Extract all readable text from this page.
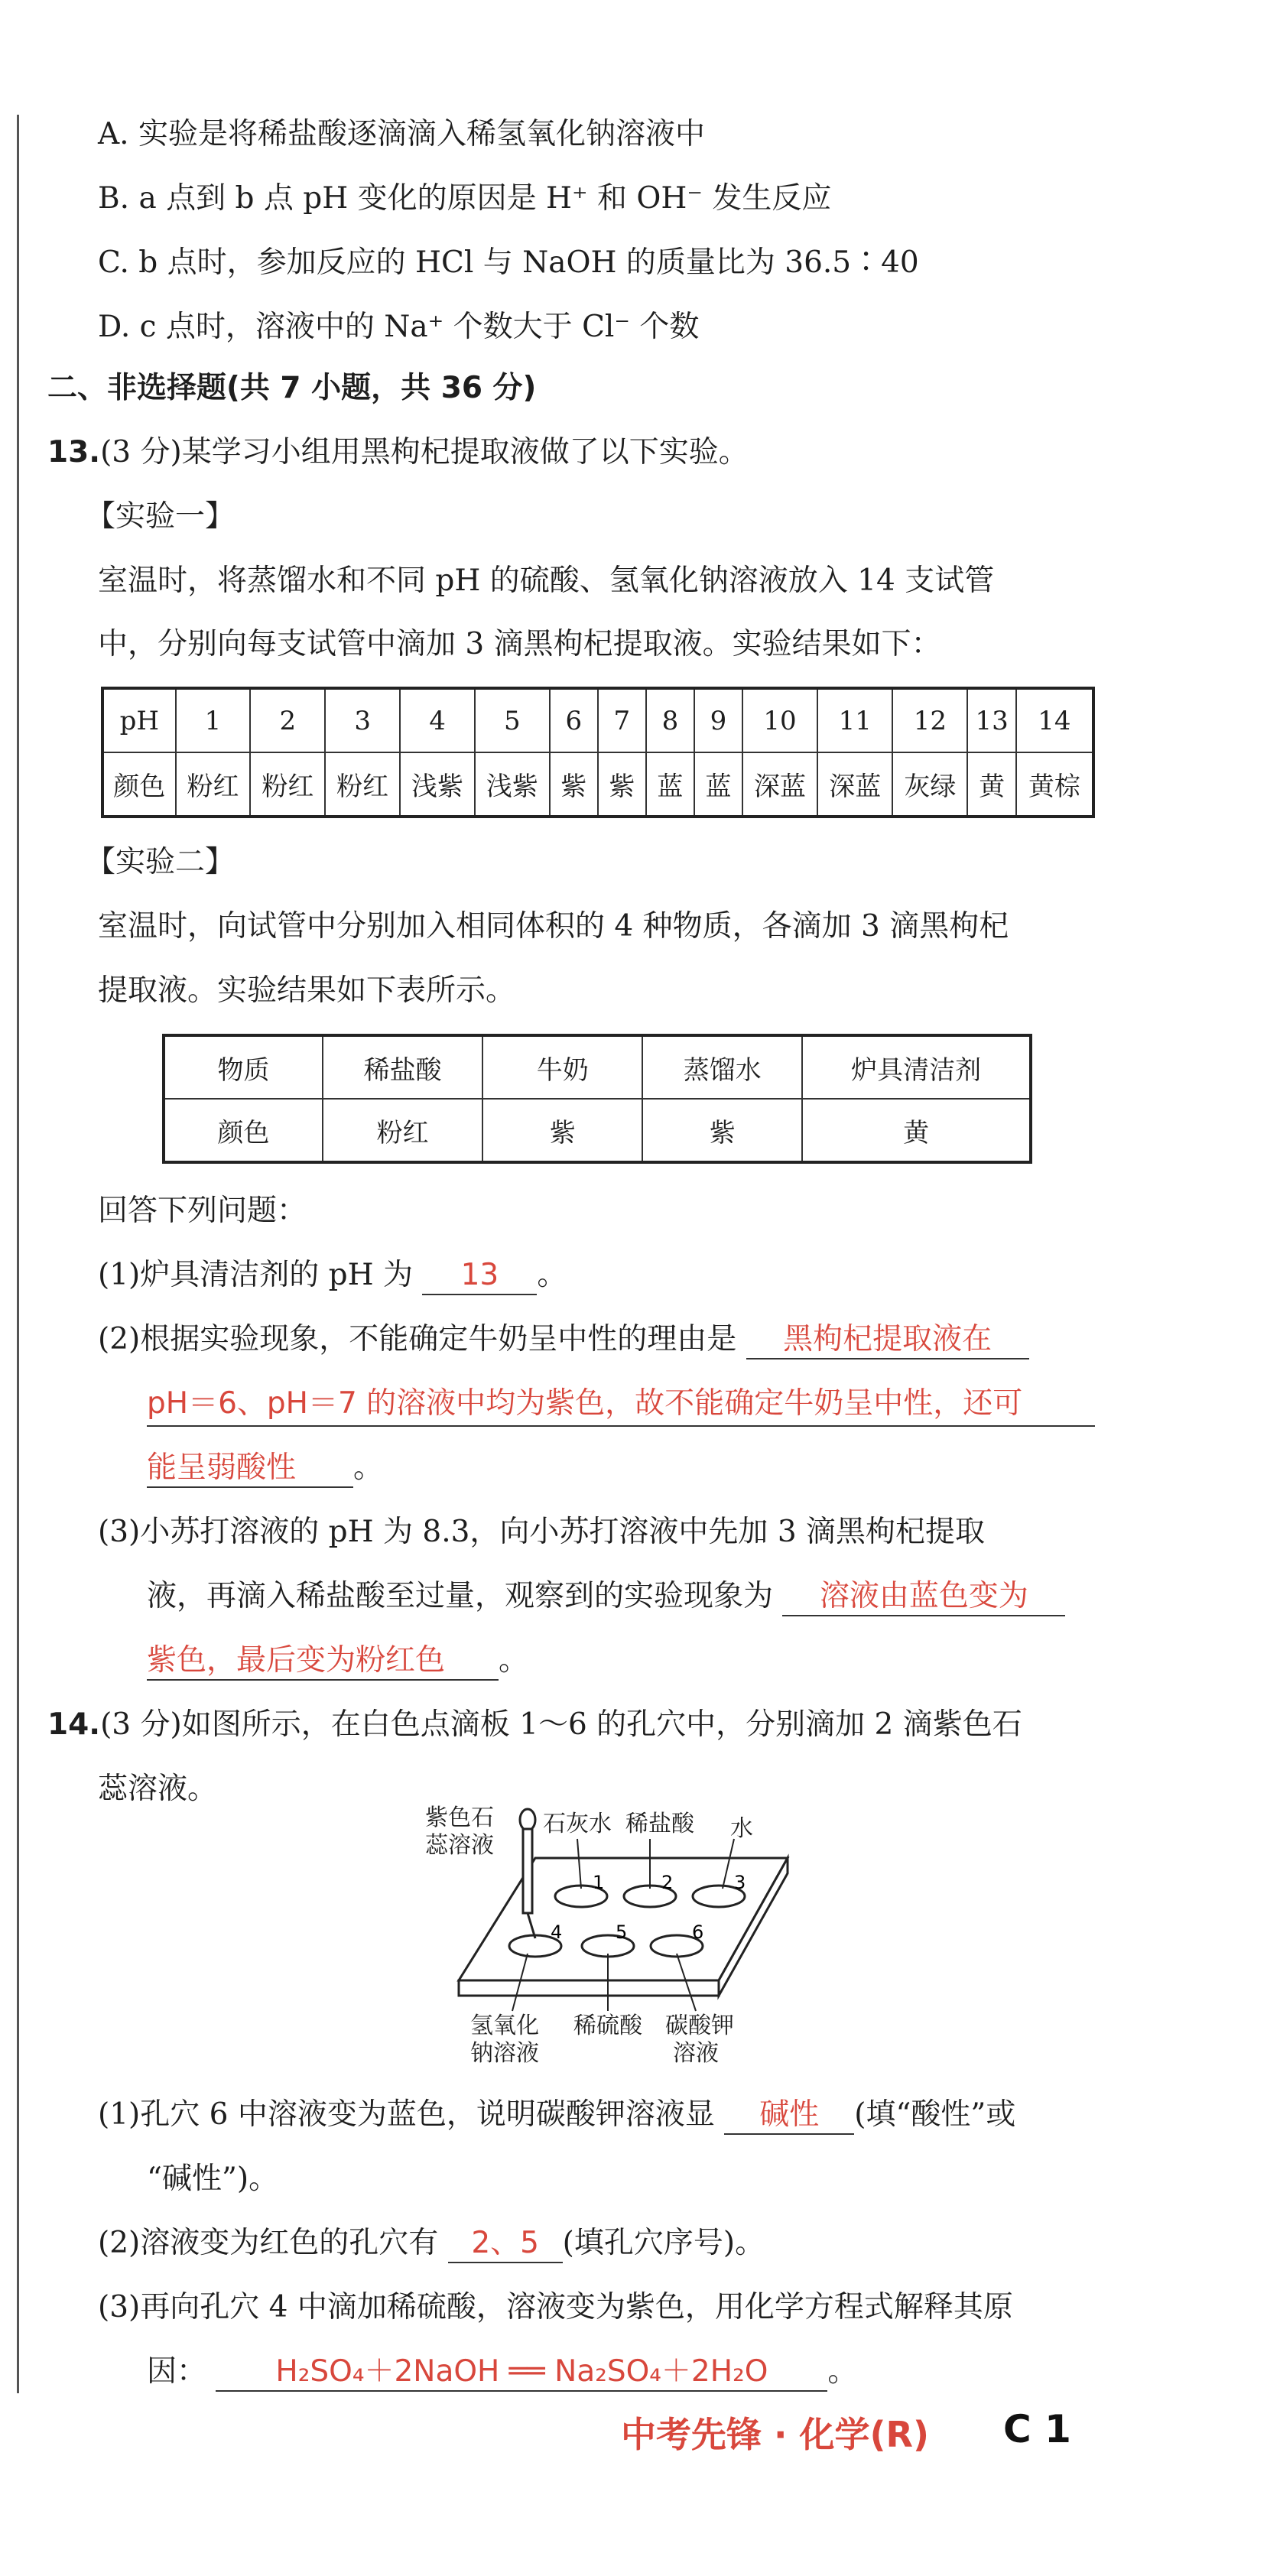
A. 实验是将稀盐酸逐滴滴入稀氢氧化钠溶液中
B. a 点到 b 点 pH 变化的原因是 H⁺ 和 OH⁻ 发生反应
C. b 点时，参加反应的 HCl 与 NaOH 的质量比为 36.5∶40
D. c 点时，溶液中的 Na⁺ 个数大于 Cl⁻ 个数
二、非选择题(共 7 小题，共 36 分)
13.(3 分)某学习小组用黑枸杞提取液做了以下实验。
【实验一】
室温时，将蒸馏水和不同 pH 的硫酸、氢氧化钠溶液放入 14 支试管
中，分别向每支试管中滴加 3 滴黑枸杞提取液。实验结果如下：
pH	1	2	3	4	5	6	7	8	9	10	11	12	13	14
颜色	粉红	粉红	粉红	浅紫	浅紫	紫	紫	蓝	蓝	深蓝	深蓝	灰绿	黄	黄棕
【实验二】
室温时，向试管中分别加入相同体积的 4 种物质，各滴加 3 滴黑枸杞
提取液。实验结果如下表所示。
物质	稀盐酸	牛奶	蒸馏水	炉具清洁剂
颜色	粉红	紫	紫	黄
回答下列问题：
(1)炉具清洁剂的 pH 为 13 。
(2)根据实验现象，不能确定牛奶呈中性的理由是 黑枸杞提取液在
pH＝6、pH＝7 的溶液中均为紫色，故不能确定牛奶呈中性，还可
能呈弱酸性 。
(3)小苏打溶液的 pH 为 8.3，向小苏打溶液中先加 3 滴黑枸杞提取
液，再滴入稀盐酸至过量，观察到的实验现象为 溶液由蓝色变为
紫色，最后变为粉红色 。
14.(3 分)如图所示，在白色点滴板 1～6 的孔穴中，分别滴加 2 滴紫色石
蕊溶液。
1	2	3
4	5	6
紫色石
蕊溶液
石灰水 稀盐酸 水
氢氧化
钠溶液
稀硫酸 碳酸钾
溶液
(1)孔穴 6 中溶液变为蓝色，说明碳酸钾溶液显 碱性 (填“酸性”或
“碱性”)。
(2)溶液变为红色的孔穴有 2、5 (填孔穴序号)。
(3)再向孔穴 4 中滴加稀硫酸，溶液变为紫色，用化学方程式解释其原
因： H₂SO₄＋2NaOH ══ Na₂SO₄＋2H₂O 。
中考先锋 · 化学(R) C 1
